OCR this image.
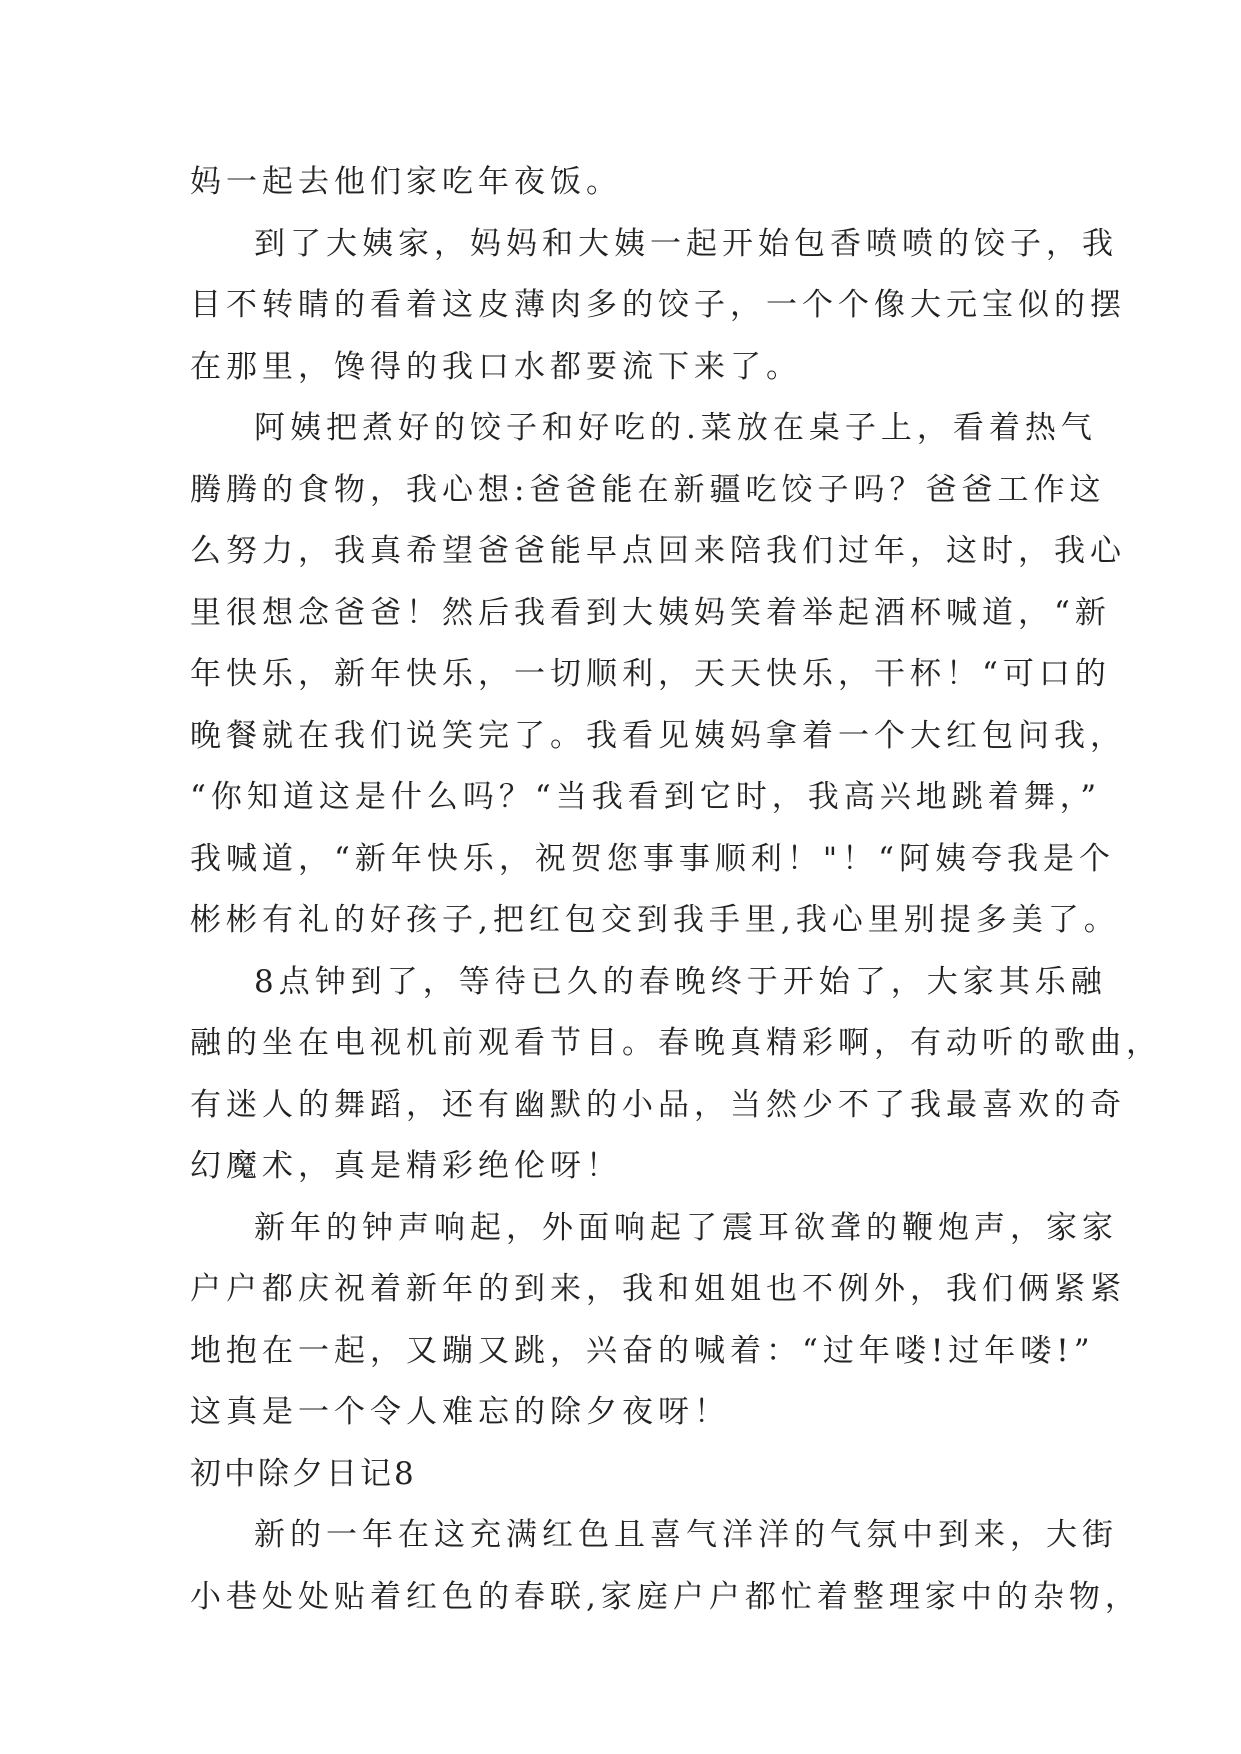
妈一起去他们家吃年夜饭。
到了大姨家，妈妈和大姨一起开始包香喷喷的饺子，我
目不转睛的看着这皮薄肉多的饺子，一个个像大元宝似的摆
在那里，馋得的我口水都要流下来了。
阿姨把煮好的饺子和好吃的.菜放在桌子上，看着热气
腾腾的食物，我心想:爸爸能在新疆吃饺子吗？爸爸工作这
么努力，我真希望爸爸能早点回来陪我们过年，这时，我心
里很想念爸爸！然后我看到大姨妈笑着举起酒杯喊道，“新
年快乐，新年快乐，一切顺利，天天快乐，干杯！“可口的
晚餐就在我们说笑完了。我看见姨妈拿着一个大红包问我，
“你知道这是什么吗？“当我看到它时，我高兴地跳着舞，”
我喊道，“新年快乐，祝贺您事事顺利！"！“阿姨夸我是个
彬彬有礼的好孩子,把红包交到我手里,我心里别提多美了。
8点钟到了，等待已久的春晚终于开始了，大家其乐融
融的坐在电视机前观看节目。春晚真精彩啊，有动听的歌曲，
有迷人的舞蹈，还有幽默的小品，当然少不了我最喜欢的奇
幻魔术，真是精彩绝伦呀！
新年的钟声响起，外面响起了震耳欲聋的鞭炮声，家家
户户都庆祝着新年的到来，我和姐姐也不例外，我们俩紧紧
地抱在一起，又蹦又跳，兴奋的喊着：“过年喽!过年喽!”
这真是一个令人难忘的除夕夜呀！
初中除夕日记8
新的一年在这充满红色且喜气洋洋的气氛中到来，大街
小巷处处贴着红色的春联,家庭户户都忙着整理家中的杂物，
